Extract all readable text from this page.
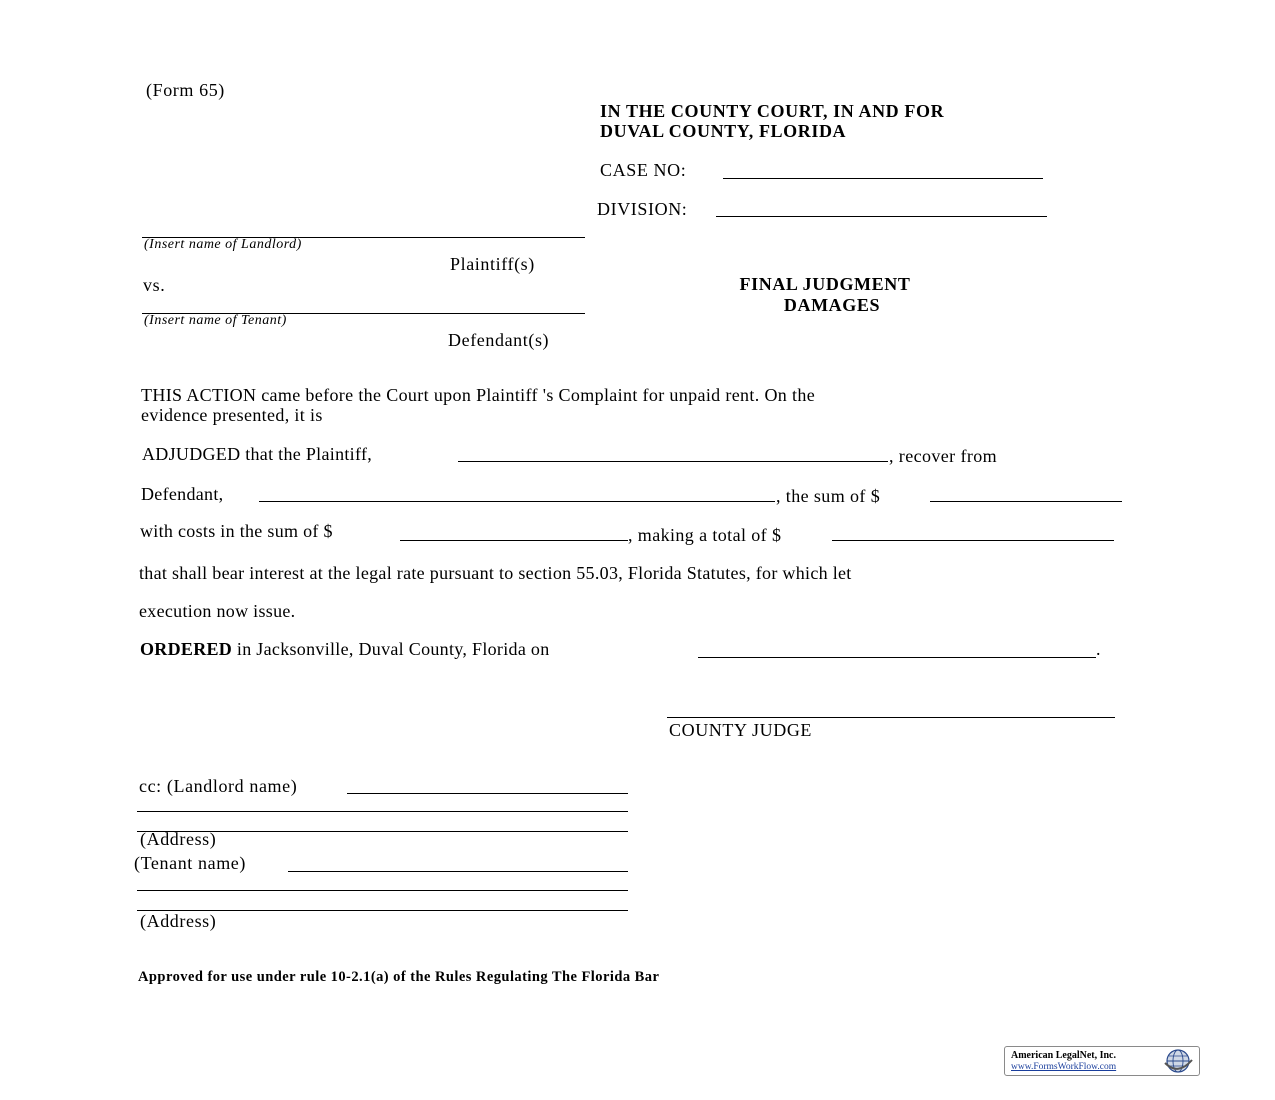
(Form 65)
IN THE COUNTY COURT, IN AND FOR
DUVAL COUNTY, FLORIDA
CASE NO:
DIVISION:
(Insert name of Landlord)
Plaintiff(s)
vs.
(Insert name of Tenant)
Defendant(s)
FINAL JUDGMENT
DAMAGES
THIS ACTION came before the Court upon Plaintiff 's Complaint for unpaid rent. On the
evidence presented, it is
ADJUDGED that the Plaintiff,	, recover from
Defendant,	, the sum of $
with costs in the sum of $	, making a total of $
that shall bear interest at the legal rate pursuant to section 55.03, Florida Statutes, for which let
execution now issue.
ORDERED in Jacksonville, Duval County, Florida on	.
COUNTY JUDGE
cc: (Landlord name)
(Address)
(Tenant name)
(Address)
Approved for use under rule 10-2.1(a) of the Rules Regulating The Florida Bar
American LegalNet, Inc.
www.FormsWorkFlow.com
